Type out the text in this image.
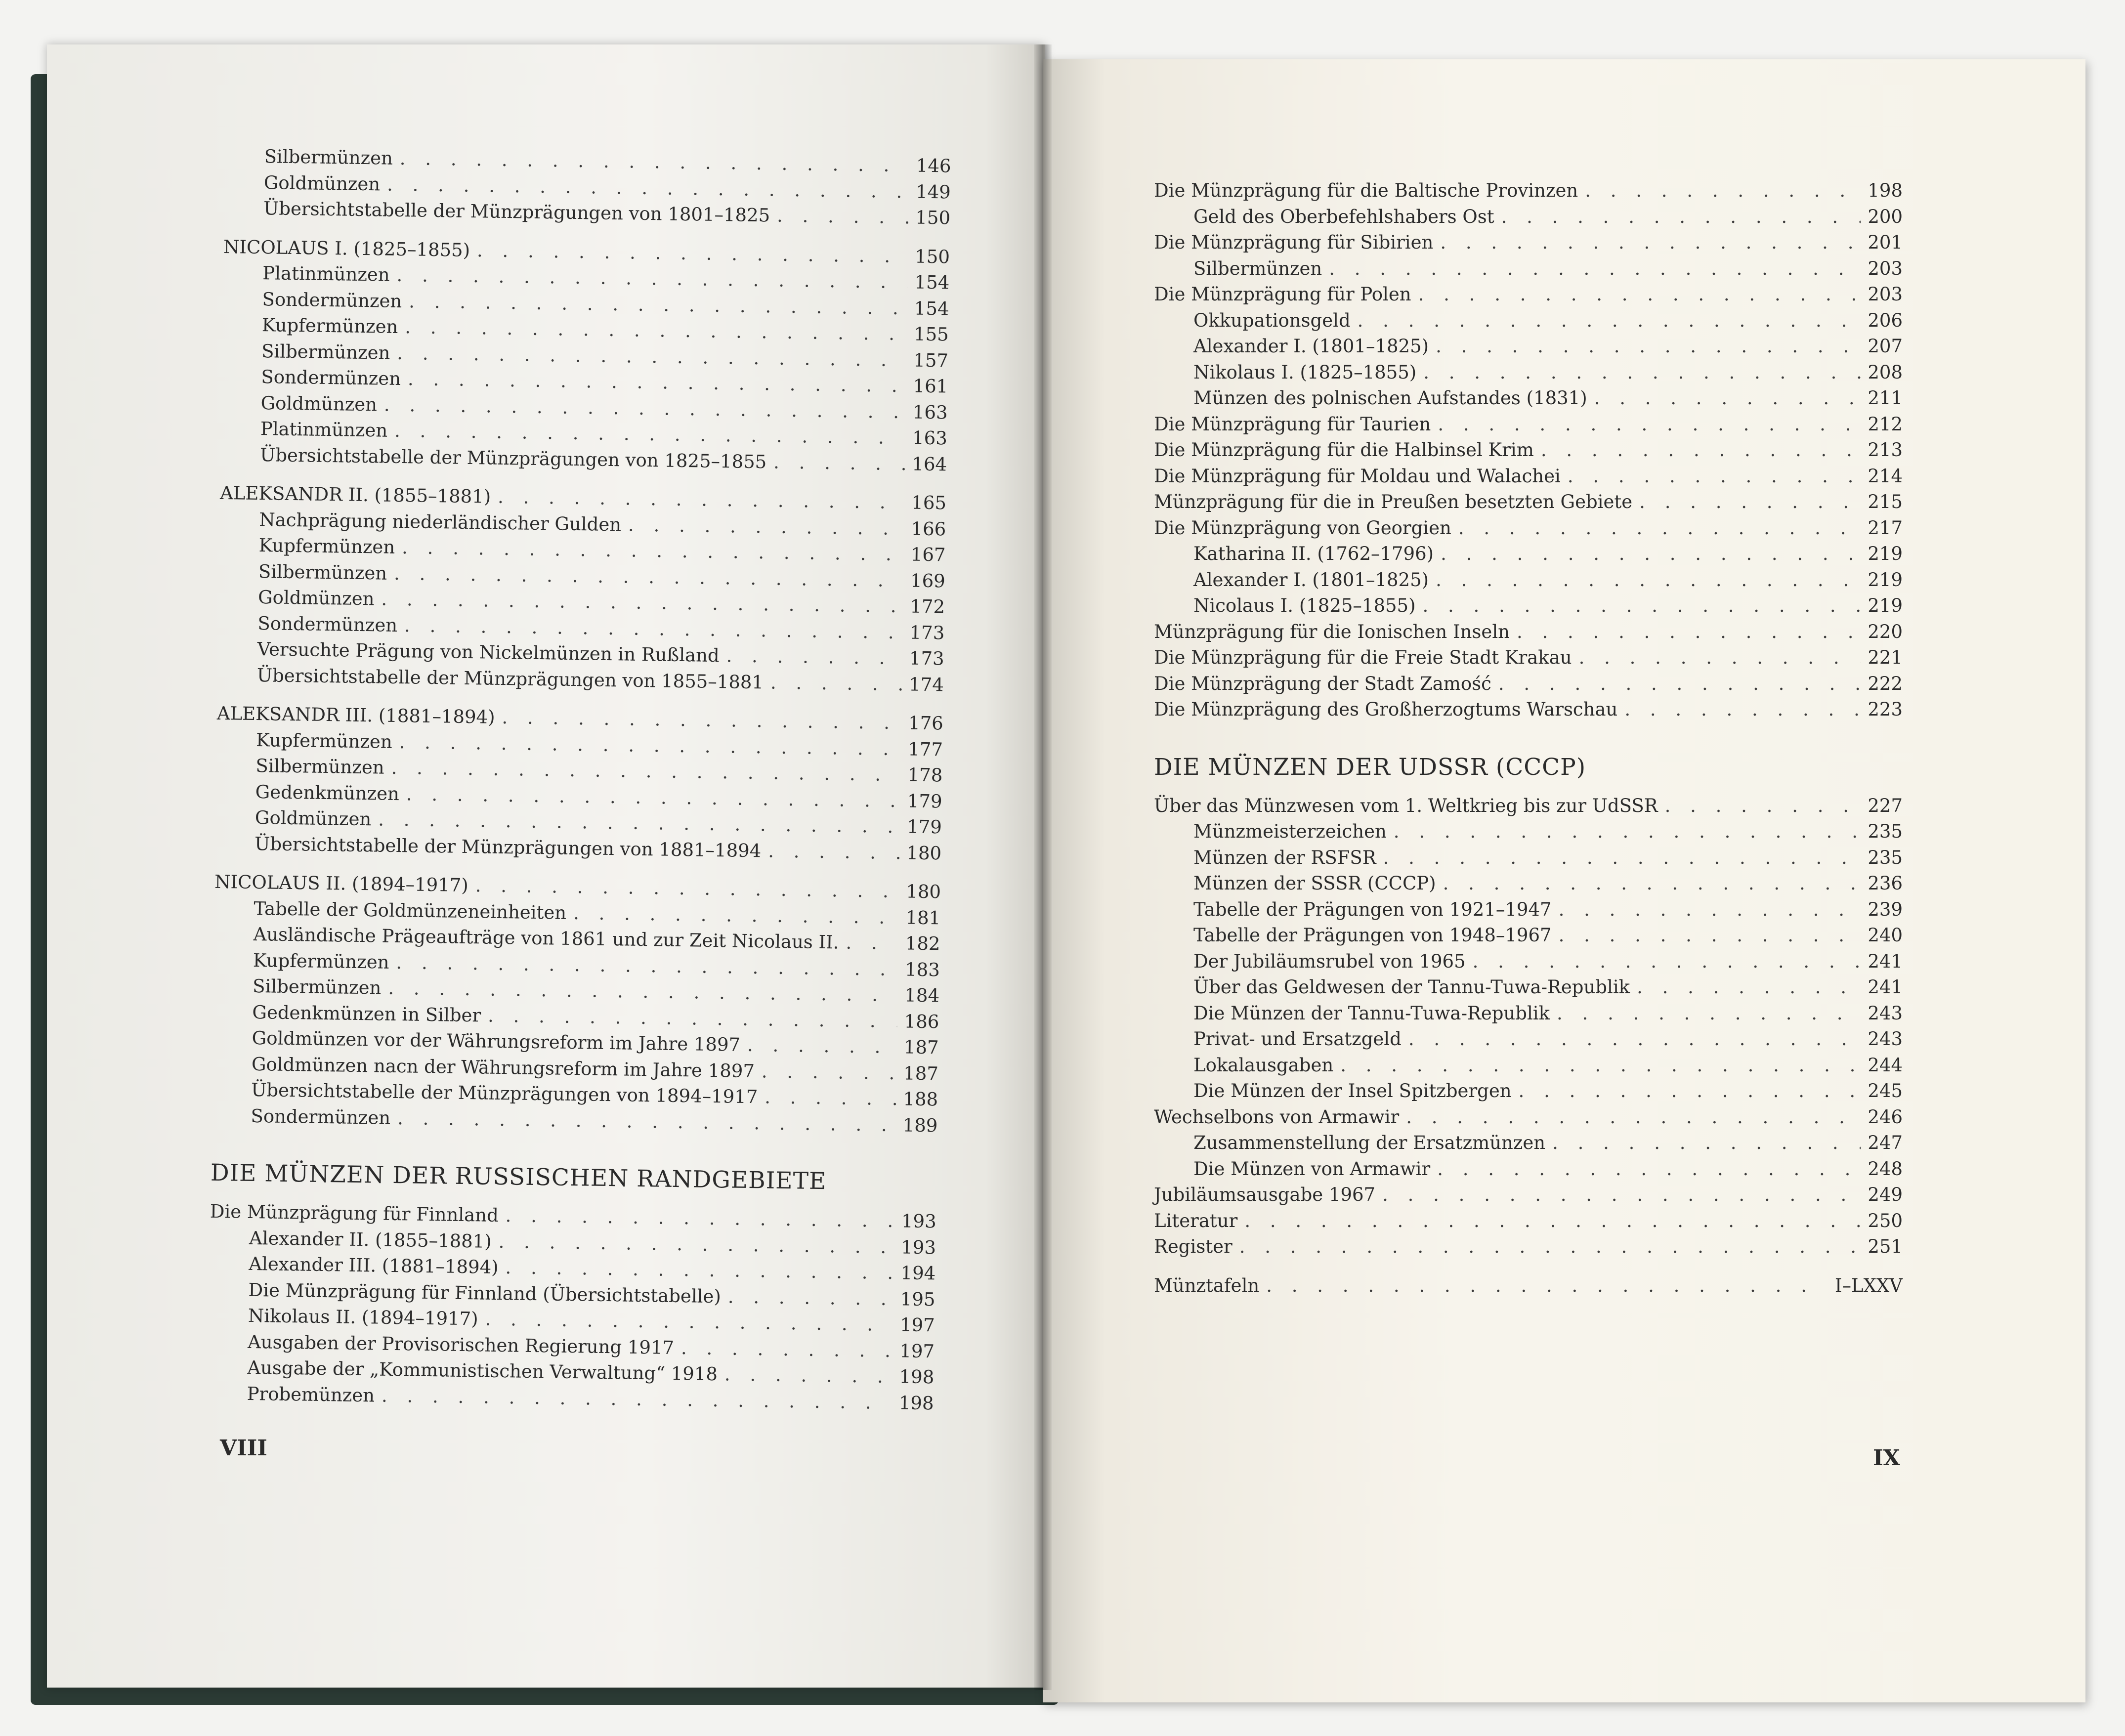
Silbermünzen . . .	146
Goldmünzen . . .	149
Übersichtstabelle der Münzprägungen von 1801–1825 . . .	150
NICOLAUS I. (1825–1855) . . .	150
Platinmünzen . . .	154
Sondermünzen . . .	154
Kupfermünzen . . .	155
Silbermünzen . . .	157
Sondermünzen . . .	161
Goldmünzen . . .	163
Platinmünzen . . .	163
Übersichtstabelle der Münzprägungen von 1825–1855 . . .	164
ALEKSANDR II. (1855–1881) . . .	165
Nachprägung niederländischer Gulden . . .	166
Kupfermünzen . . .	167
Silbermünzen . . .	169
Goldmünzen . . .	172
Sondermünzen . . .	173
Versuchte Prägung von Nickelmünzen in Rußland . . .	173
Übersichtstabelle der Münzprägungen von 1855–1881 . . .	174
ALEKSANDR III. (1881–1894) . . .	176
Kupfermünzen . . .	177
Silbermünzen . . .	178
Gedenkmünzen . . .	179
Goldmünzen . . .	179
Übersichtstabelle der Münzprägungen von 1881–1894 . . .	180
NICOLAUS II. (1894–1917) . . .	180
Tabelle der Goldmünzeneinheiten . . .	181
Ausländische Prägeaufträge von 1861 und zur Zeit Nicolaus II. . . .	182
Kupfermünzen . . .	183
Silbermünzen . . .	184
Gedenkmünzen in Silber . . .	186
Goldmünzen vor der Währungsreform im Jahre 1897 . . .	187
Goldmünzen nacn der Währungsreform im Jahre 1897 . . .	187
Übersichtstabelle der Münzprägungen von 1894–1917 . . .	188
Sondermünzen . . .	189
DIE MÜNZEN DER RUSSISCHEN RANDGEBIETE
Die Münzprägung für Finnland . . .	193
Alexander II. (1855–1881) . . .	193
Alexander III. (1881–1894) . . .	194
Die Münzprägung für Finnland (Übersichtstabelle) . . .	195
Nikolaus II. (1894–1917) . . .	197
Ausgaben der Provisorischen Regierung 1917 . . .	197
Ausgabe der „Kommunistischen Verwaltung“ 1918 . . .	198
Probemünzen . . .	198
Die Münzprägung für die Baltische Provinzen . . .	198
Geld des Oberbefehlshabers Ost . . .	200
Die Münzprägung für Sibirien . . .	201
Silbermünzen . . .	203
Die Münzprägung für Polen . . .	203
Okkupationsgeld . . .	206
Alexander I. (1801–1825) . . .	207
Nikolaus I. (1825–1855) . . .	208
Münzen des polnischen Aufstandes (1831) . . .	211
Die Münzprägung für Taurien . . .	212
Die Münzprägung für die Halbinsel Krim . . .	213
Die Münzprägung für Moldau und Walachei . . .	214
Münzprägung für die in Preußen besetzten Gebiete . . .	215
Die Münzprägung von Georgien . . .	217
Katharina II. (1762–1796) . . .	219
Alexander I. (1801–1825) . . .	219
Nicolaus I. (1825–1855) . . .	219
Münzprägung für die Ionischen Inseln . . .	220
Die Münzprägung für die Freie Stadt Krakau . . .	221
Die Münzprägung der Stadt Zamość . . .	222
Die Münzprägung des Großherzogtums Warschau . . .	223
DIE MÜNZEN DER UDSSR (CCCP)
Über das Münzwesen vom 1. Weltkrieg bis zur UdSSR . . .	227
Münzmeisterzeichen . . .	235
Münzen der RSFSR . . .	235
Münzen der SSSR (CCCP) . . .	236
Tabelle der Prägungen von 1921–1947 . . .	239
Tabelle der Prägungen von 1948–1967 . . .	240
Der Jubiläumsrubel von 1965 . . .	241
Über das Geldwesen der Tannu-Tuwa-Republik . . .	241
Die Münzen der Tannu-Tuwa-Republik . . .	243
Privat- und Ersatzgeld . . .	243
Lokalausgaben . . .	244
Die Münzen der Insel Spitzbergen . . .	245
Wechselbons von Armawir . . .	246
Zusammenstellung der Ersatzmünzen . . .	247
Die Münzen von Armawir . . .	248
Jubiläumsausgabe 1967 . . .	249
Literatur . . .	250
Register . . .	251
Münztafeln . . .	I–LXXV
VIII	IX
